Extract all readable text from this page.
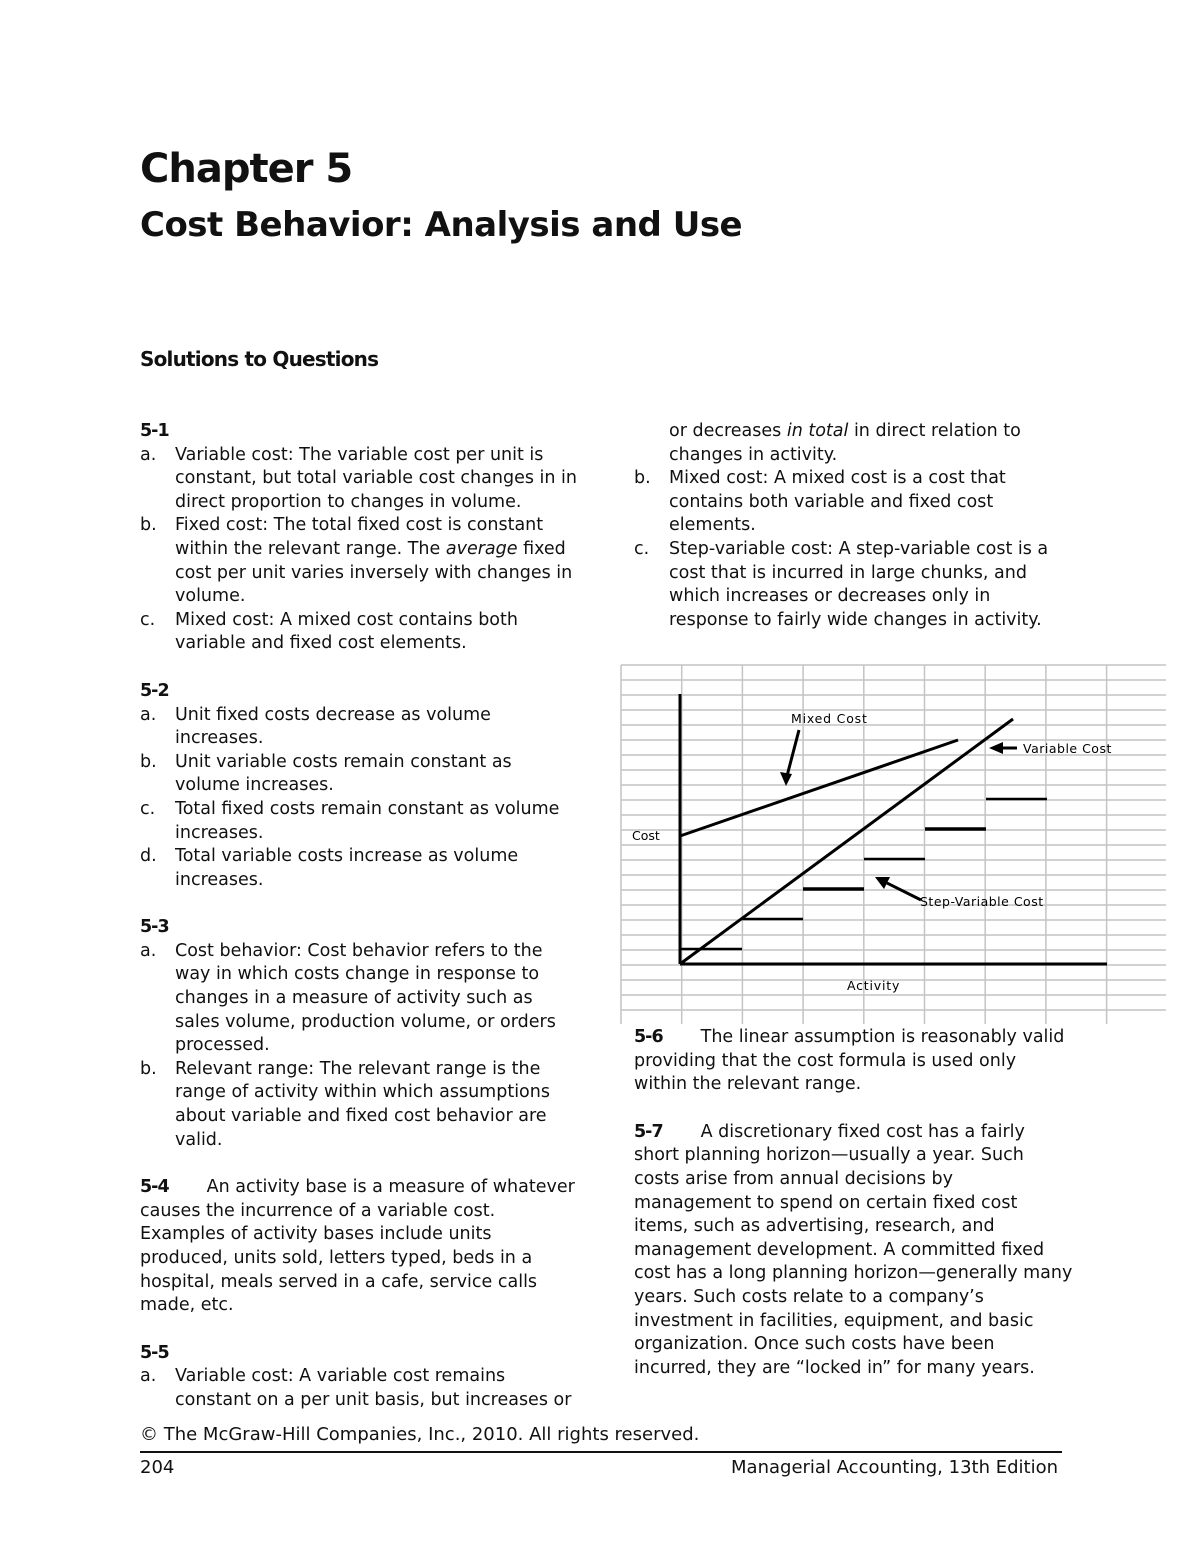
Chapter 5
Cost Behavior: Analysis and Use
Solutions to Questions

5-1

a.	Variable cost: The variable cost per unit is constant, but total variable cost changes in in direct proportion to changes in volume.
b.	Fixed cost: The total fixed cost is constant within the relevant range. The average fixed cost per unit varies inversely with changes in volume.
c.	Mixed cost: A mixed cost contains both variable and fixed cost elements.

5-2

a.	Unit fixed costs decrease as volume increases.
b.	Unit variable costs remain constant as volume increases.
c.	Total fixed costs remain constant as volume increases.
d.	Total variable costs increase as volume increases.

5-3

a.	Cost behavior: Cost behavior refers to the way in which costs change in response to changes in a measure of activity such as sales volume, production volume, or orders processed.
b.	Relevant range: The relevant range is the range of activity within which assumptions about variable and fixed cost behavior are valid.

5-4 An activity base is a measure of whatever causes the incurrence of a variable cost. Examples of activity bases include units produced, units sold, letters typed, beds in a hospital, meals served in a cafe, service calls made, etc.

5-5

a.	Variable cost: A variable cost remains constant on a per unit basis, but increases or
or decreases in total in direct relation to changes in activity.
b.	Mixed cost: A mixed cost is a cost that contains both variable and fixed cost elements.
c.	Step-variable cost: A step-variable cost is a cost that is incurred in large chunks, and which increases or decreases only in response to fairly wide changes in activity.
Cost
Activity
Mixed Cost
Variable Cost
Step-Variable Cost

5-6 The linear assumption is reasonably valid providing that the cost formula is used only within the relevant range.

5-7 A discretionary fixed cost has a fairly short planning horizon—usually a year. Such costs arise from annual decisions by management to spend on certain fixed cost items, such as advertising, research, and management development. A committed fixed cost has a long planning horizon—generally many years. Such costs relate to a company’s investment in facilities, equipment, and basic organization. Once such costs have been incurred, they are “locked in” for many years.

© The McGraw-Hill Companies, Inc., 2010. All rights reserved.
204	Managerial Accounting, 13th Edition
